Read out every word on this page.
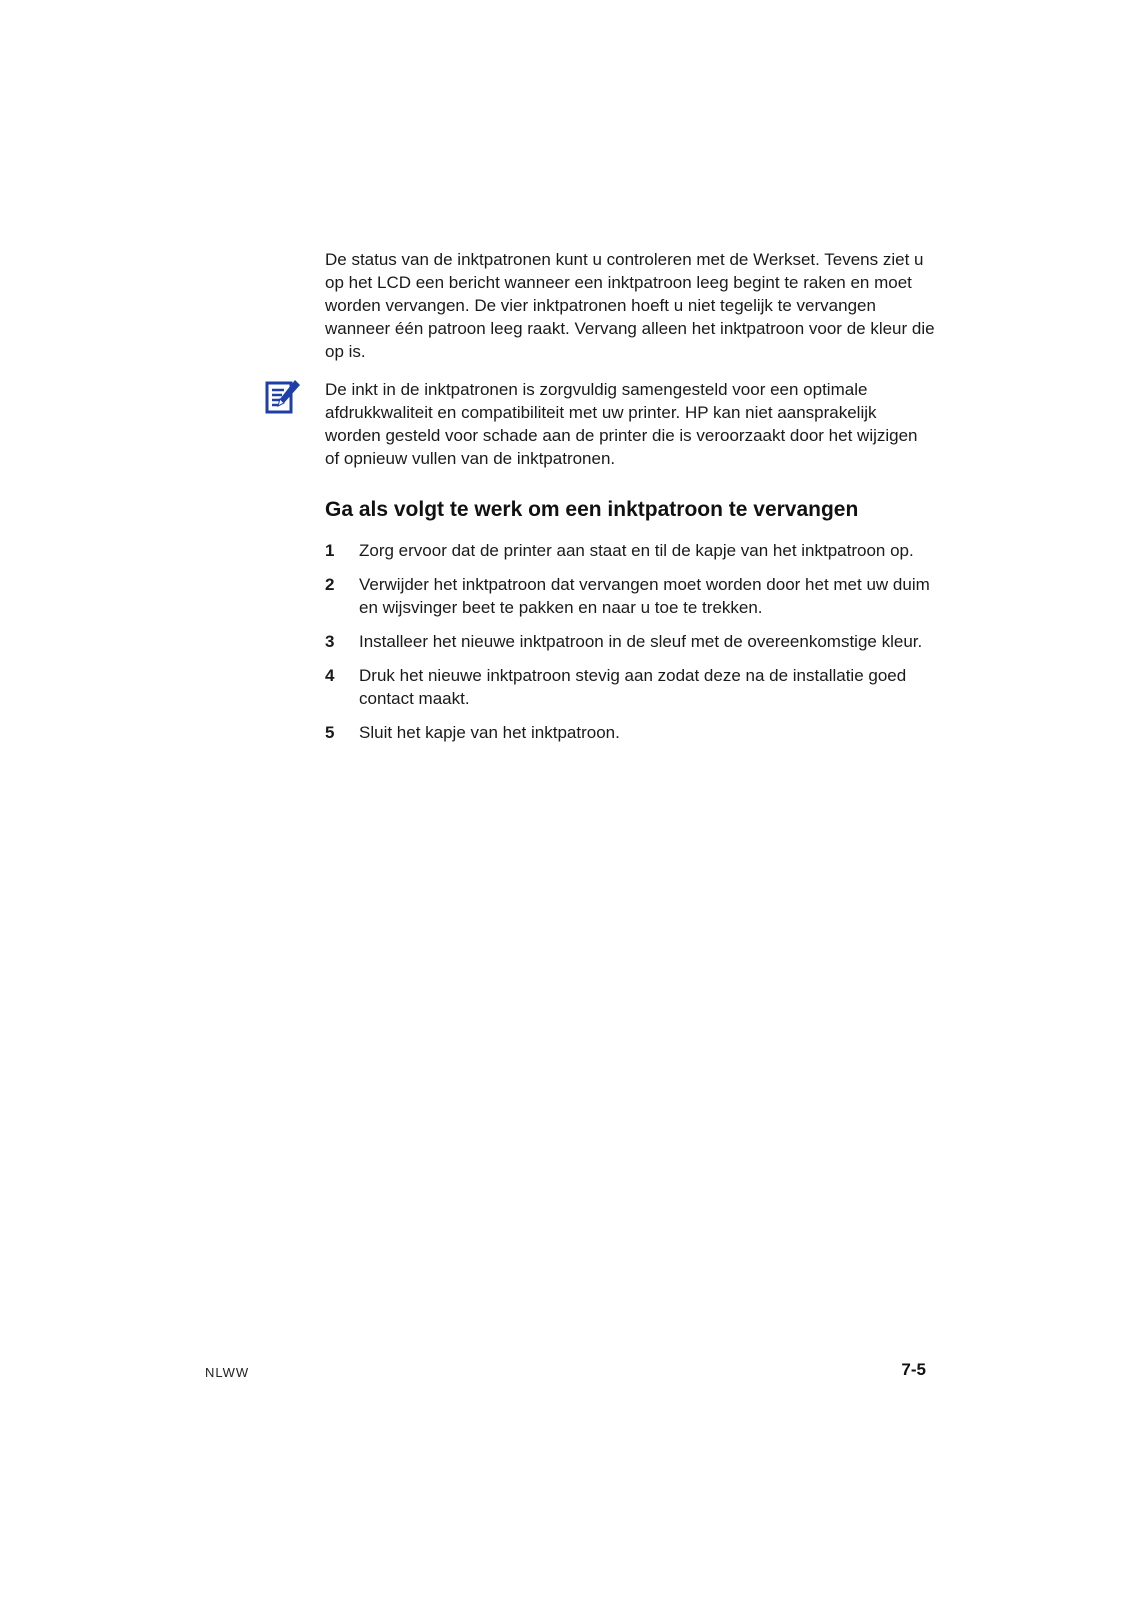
De status van de inktpatronen kunt u controleren met de Werkset. Tevens ziet u op het LCD een bericht wanneer een inktpatroon leeg begint te raken en moet worden vervangen. De vier inktpatronen hoeft u niet tegelijk te vervangen wanneer één patroon leeg raakt. Vervang alleen het inktpatroon voor de kleur die op is.

De inkt in de inktpatronen is zorgvuldig samengesteld voor een optimale afdrukkwaliteit en compatibiliteit met uw printer. HP kan niet aansprakelijk worden gesteld voor schade aan de printer die is veroorzaakt door het wijzigen of opnieuw vullen van de inktpatronen.

Ga als volgt te werk om een inktpatroon te vervangen
1 Zorg ervoor dat de printer aan staat en til de kapje van het inktpatroon op.
2 Verwijder het inktpatroon dat vervangen moet worden door het met uw duim en wijsvinger beet te pakken en naar u toe te trekken.
3 Installeer het nieuwe inktpatroon in de sleuf met de overeenkomstige kleur.
4 Druk het nieuwe inktpatroon stevig aan zodat deze na de installatie goed contact maakt.
5 Sluit het kapje van het inktpatroon.
NLWW	7-5
